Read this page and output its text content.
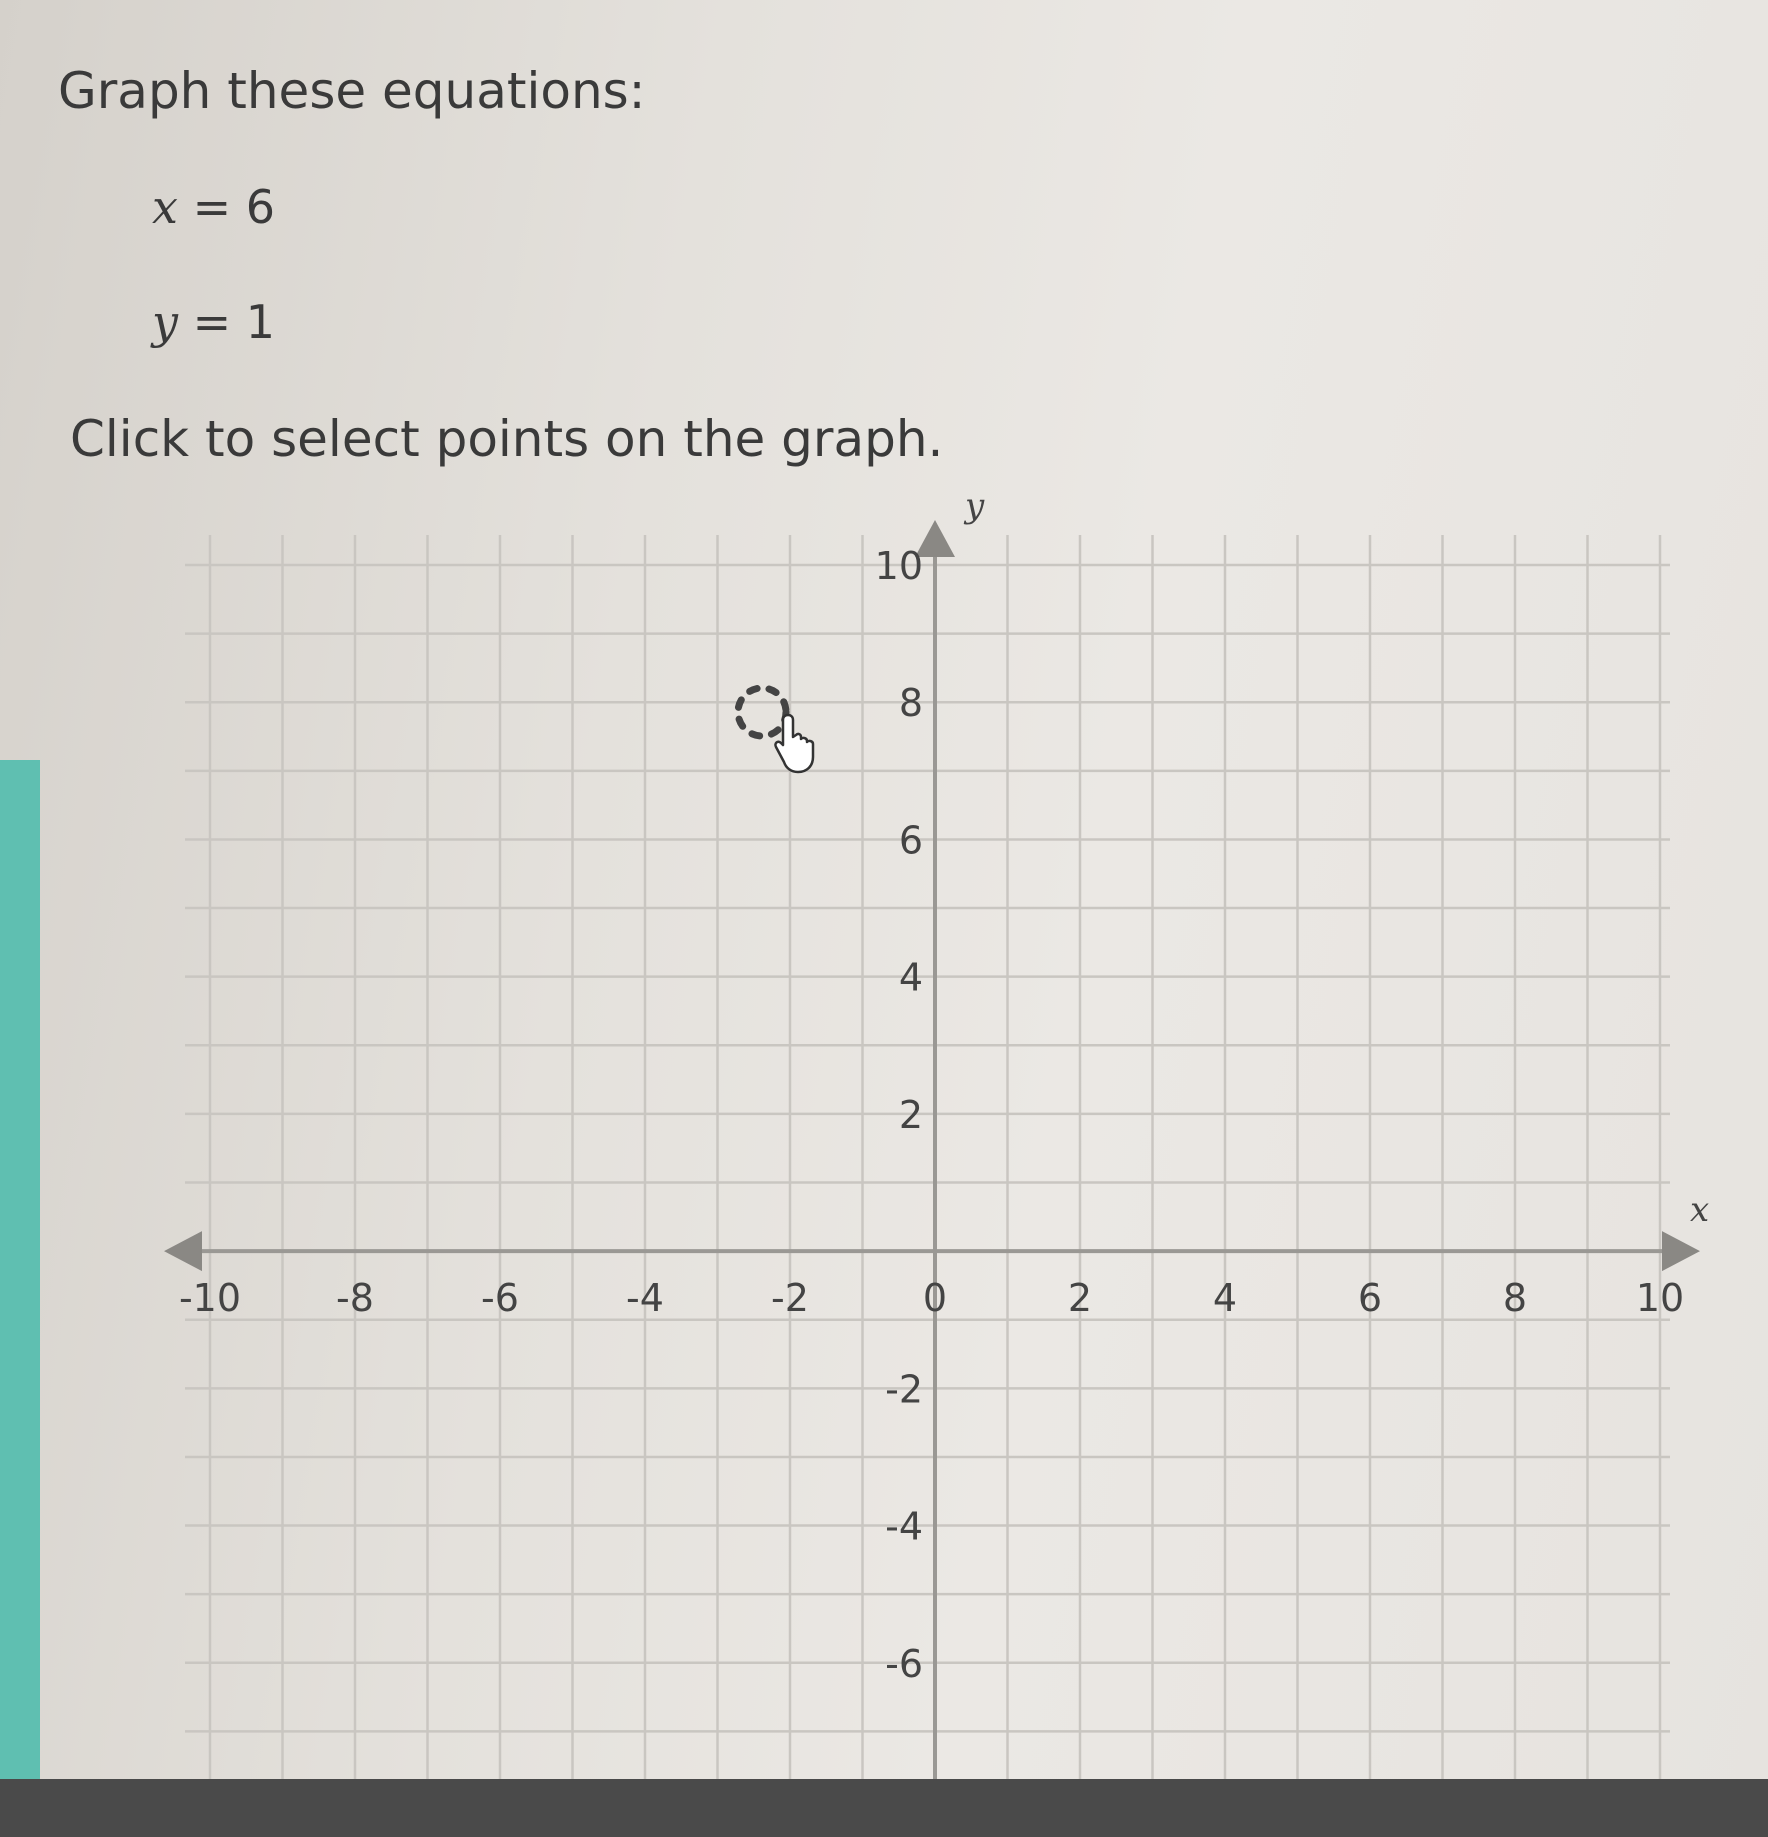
Graph these equations:
x = 6
y = 1
Click to select points on the graph.
-10	-8	-6	-4	-2	0	2	4	6	8	10
10
8
6
4
2
-2
-4
-6
x
y
